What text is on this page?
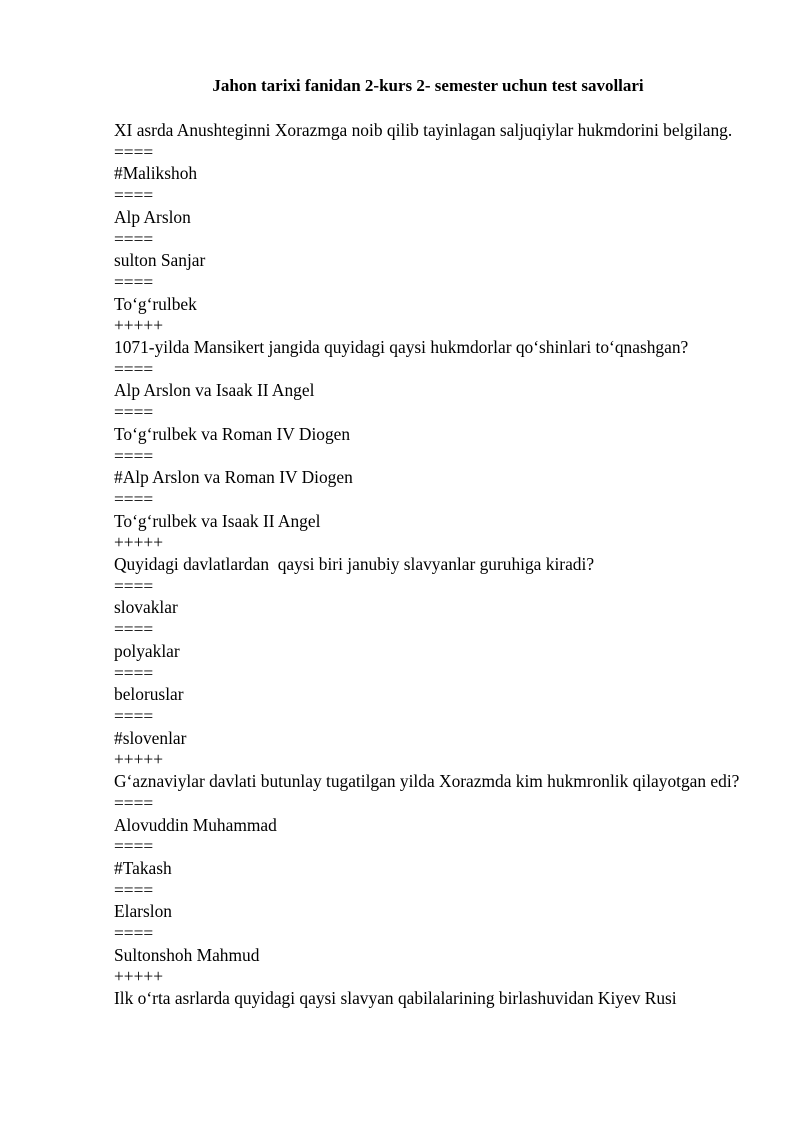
Jahon tarixi fanidan 2-kurs 2- semester uchun test savollari
XI asrda Anushteginni Xorazmga noib qilib tayinlagan saljuqiylar hukmdorini belgilang.
====
#Malikshoh
====
Alp Arslon
====
sulton Sanjar
====
To‘g‘rulbek
+++++
1071-yilda Mansikert jangida quyidagi qaysi hukmdorlar qo‘shinlari to‘qnashgan?
====
Alp Arslon va Isaak II Angel
====
To‘g‘rulbek va Roman IV Diogen
====
#Alp Arslon va Roman IV Diogen
====
To‘g‘rulbek va Isaak II Angel
+++++
Quyidagi davlatlardan  qaysi biri janubiy slavyanlar guruhiga kiradi?
====
slovaklar
====
polyaklar
====
beloruslar
====
#slovenlar
+++++
G‘aznaviylar davlati butunlay tugatilgan yilda Xorazmda kim hukmronlik qilayotgan edi?
====
Alovuddin Muhammad
====
#Takash
====
Elarslon
====
Sultonshoh Mahmud
+++++
Ilk o‘rta asrlarda quyidagi qaysi slavyan qabilalarining birlashuvidan Kiyev Rusi
